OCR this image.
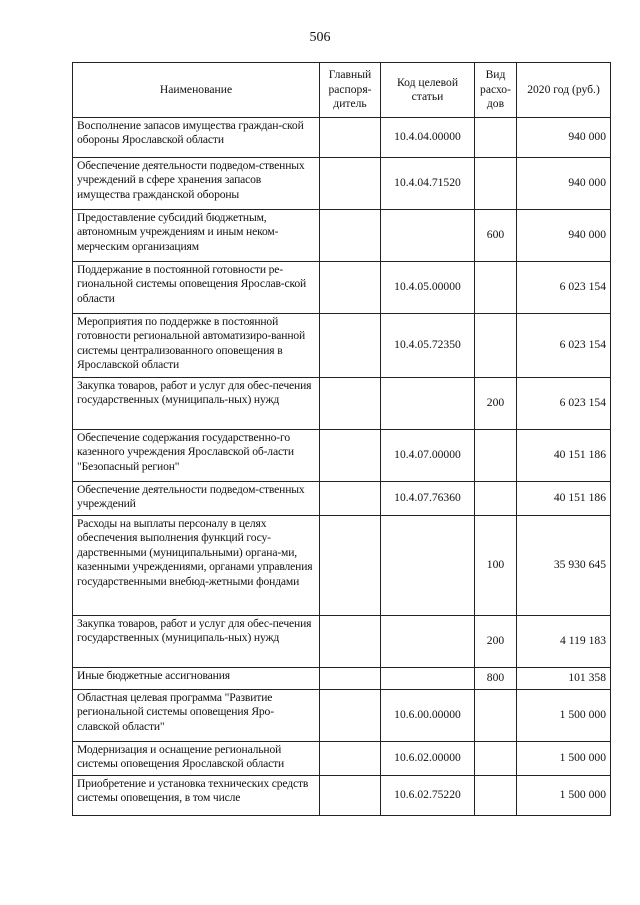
506
Наименование	Главный распоря-дитель	Код целевой статьи	Вид расхо-дов	2020 год (руб.)
Восполнение запасов имущества граждан-ской обороны Ярославской области		10.4.04.00000		940 000
Обеспечение деятельности подведом-ственных учреждений в сфере хранения запасов имущества гражданской обороны		10.4.04.71520		940 000
Предоставление субсидий бюджетным, автономным учреждениям и иным неком-мерческим организациям			600	940 000
Поддержание в постоянной готовности ре-гиональной системы оповещения Ярослав-ской области		10.4.05.00000		6 023 154
Мероприятия по поддержке в постоянной готовности региональной автоматизиро-ванной системы централизованного оповещения в Ярославской области		10.4.05.72350		6 023 154
Закупка товаров, работ и услуг для обес-печения государственных (муниципаль-ных) нужд			200	6 023 154
Обеспечение содержания государственно-го казенного учреждения Ярославской об-ласти "Безопасный регион"		10.4.07.00000		40 151 186
Обеспечение деятельности подведом-ственных учреждений		10.4.07.76360		40 151 186
Расходы на выплаты персоналу в целях обеспечения выполнения функций госу-дарственными (муниципальными) органа-ми, казенными учреждениями, органами управления государственными внебюд-жетными фондами			100	35 930 645
Закупка товаров, работ и услуг для обес-печения государственных (муниципаль-ных) нужд			200	4 119 183
Иные бюджетные ассигнования			800	101 358
Областная целевая программа "Развитие региональной системы оповещения Яро-славской области"		10.6.00.00000		1 500 000
Модернизация и оснащение региональной системы оповещения Ярославской области		10.6.02.00000		1 500 000
Приобретение и установка технических средств системы оповещения, в том числе		10.6.02.75220		1 500 000
